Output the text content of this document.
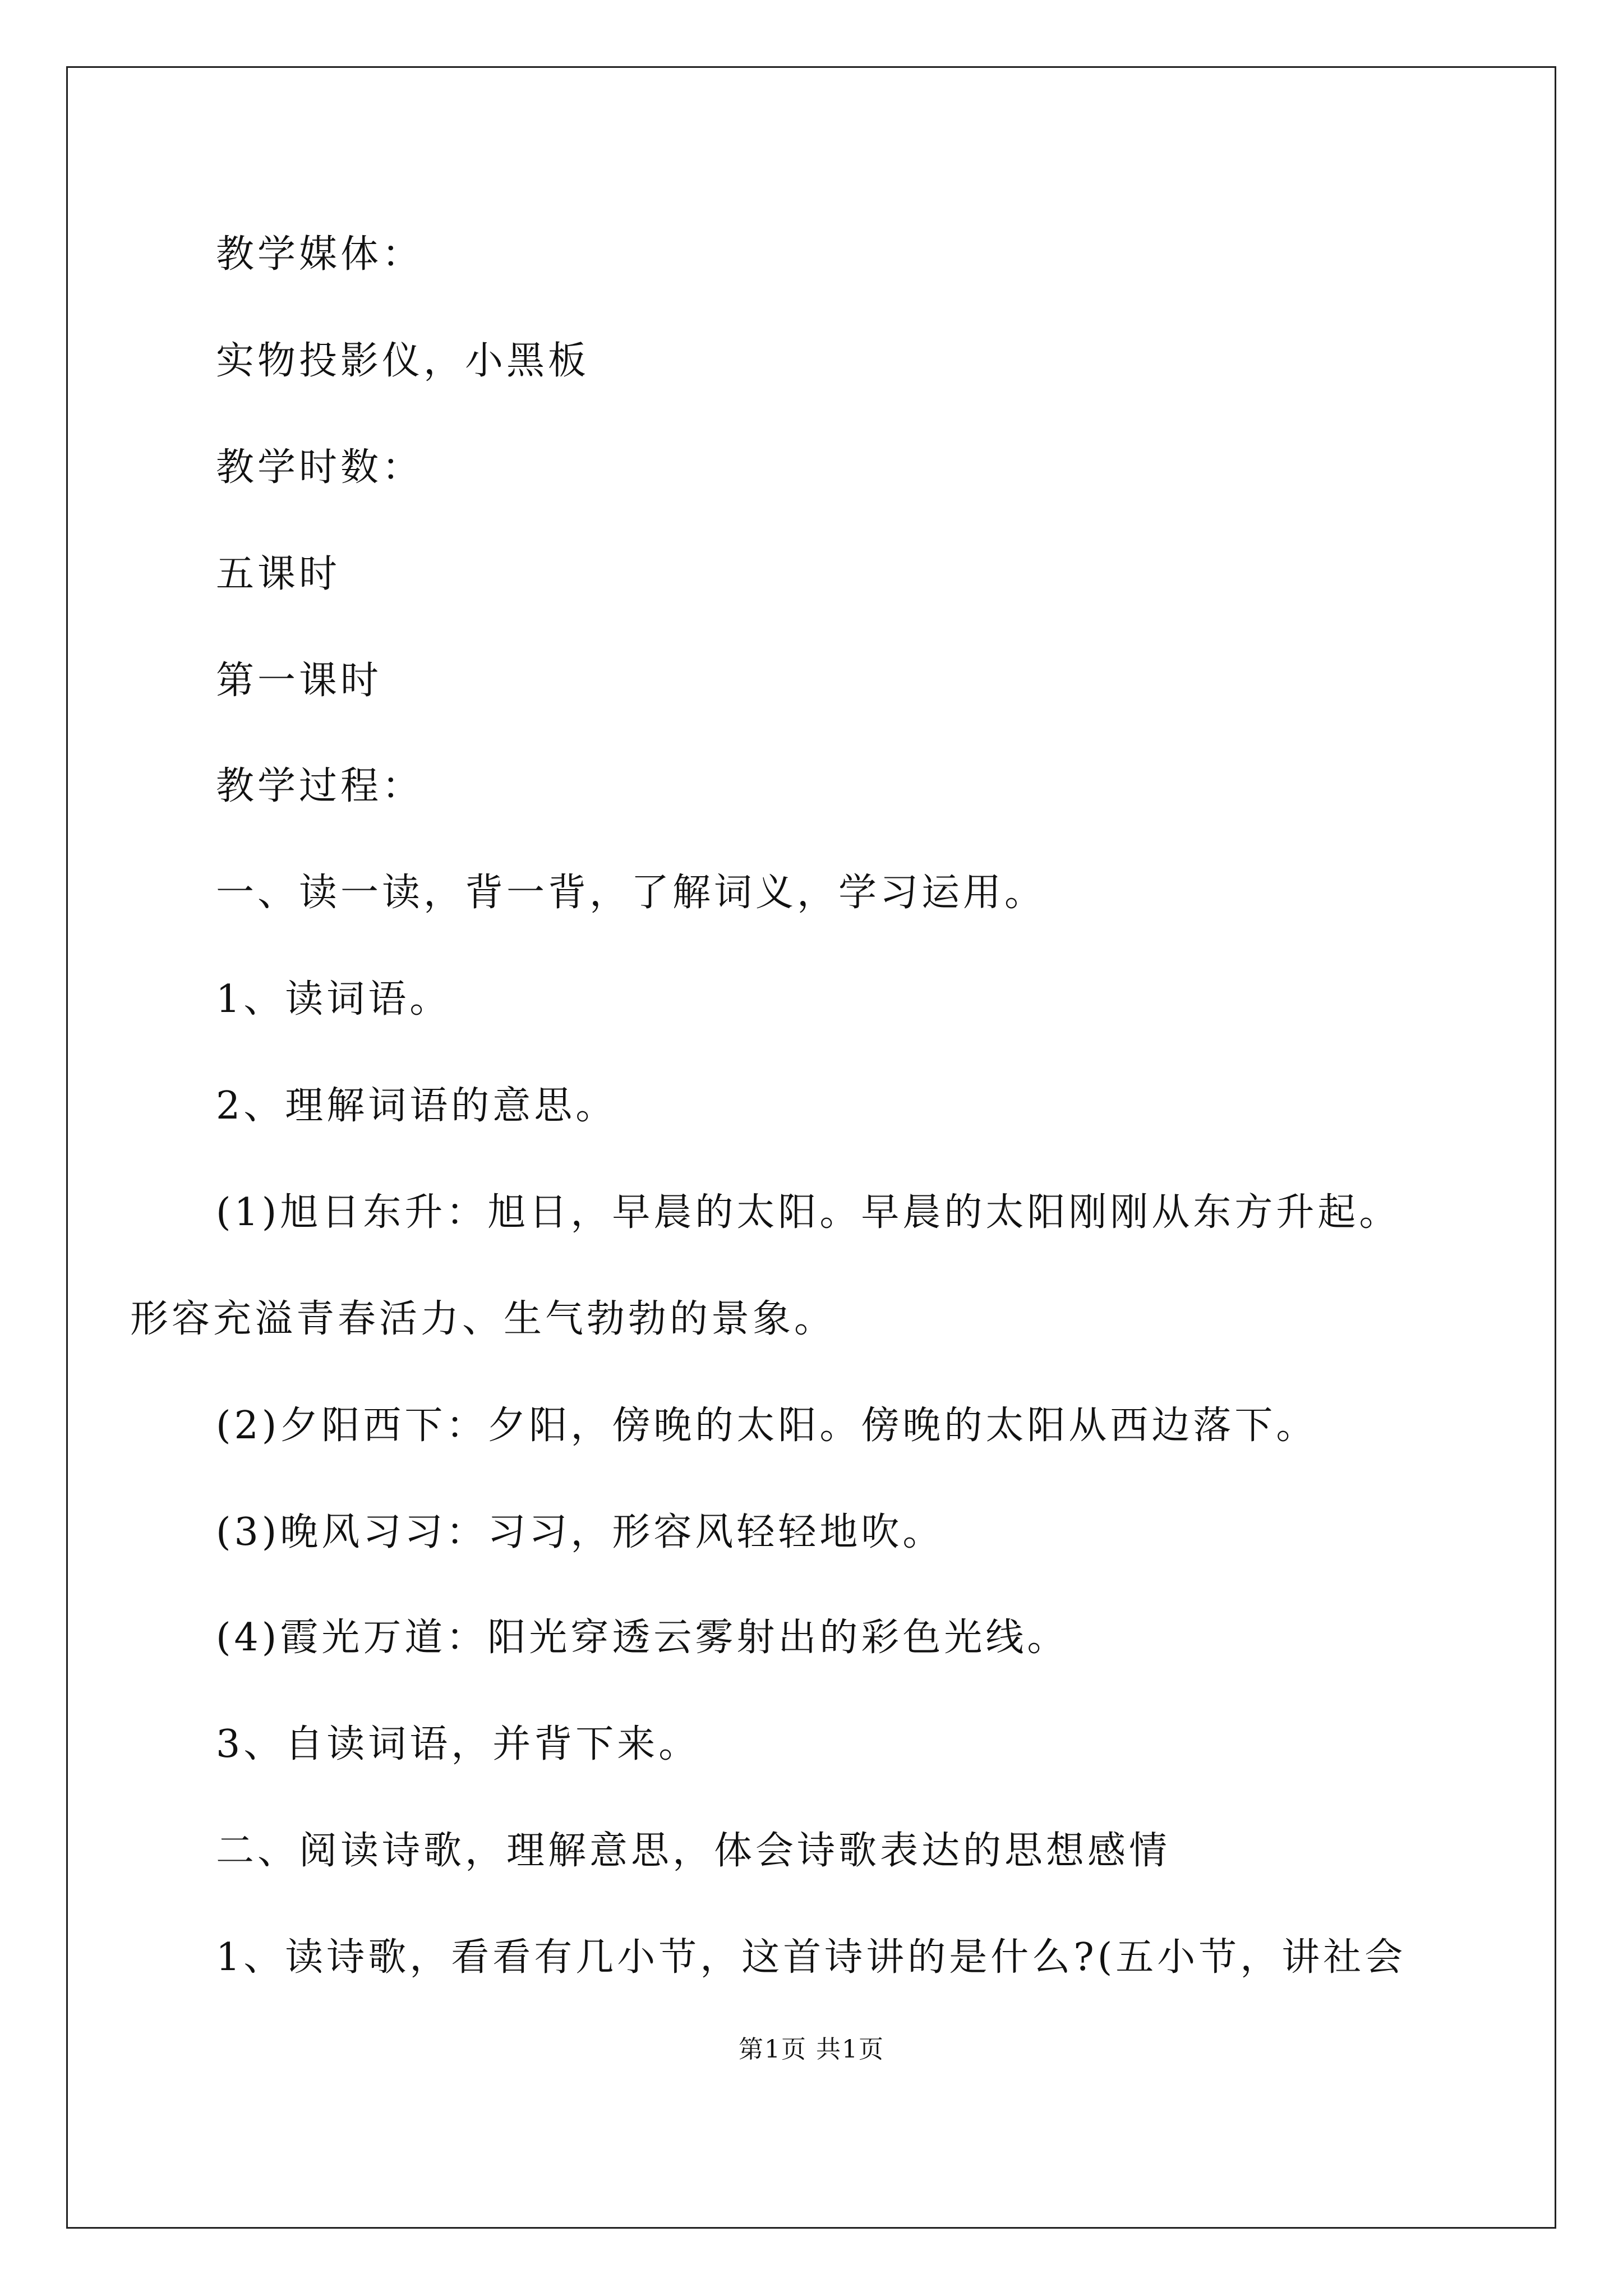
教学媒体：
实物投影仪，小黑板
教学时数：
五课时
第一课时
教学过程：
一、读一读，背一背，了解词义，学习运用。
1、读词语。
2、理解词语的意思。
(1)旭日东升：旭日，早晨的太阳。早晨的太阳刚刚从东方升起。
形容充溢青春活力、生气勃勃的景象。
(2)夕阳西下：夕阳，傍晚的太阳。傍晚的太阳从西边落下。
(3)晚风习习：习习，形容风轻轻地吹。
(4)霞光万道：阳光穿透云雾射出的彩色光线。
3、自读词语，并背下来。
二、阅读诗歌，理解意思，体会诗歌表达的思想感情
1、读诗歌，看看有几小节，这首诗讲的是什么?(五小节，讲社会
第1页 共1页
